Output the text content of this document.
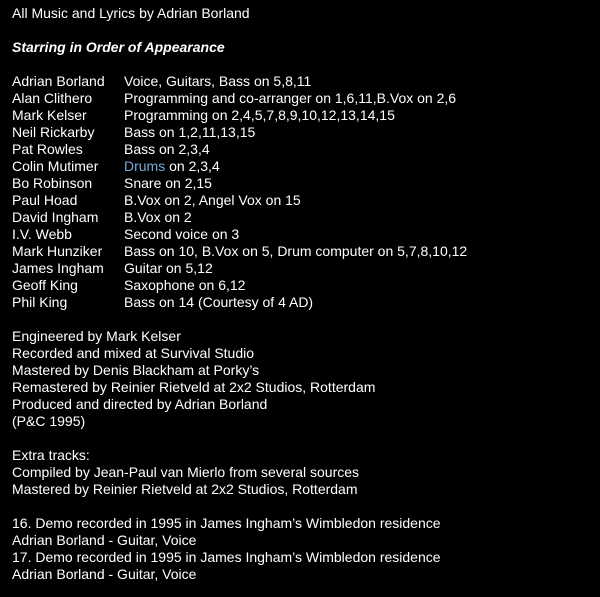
All Music and Lyrics by Adrian Borland
Starring in Order of Appearance
Adrian Borland	Voice, Guitars, Bass on 5,8,11
Alan Clithero	Programming and co-arranger on 1,6,11,B.Vox on 2,6
Mark Kelser	Programming on 2,4,5,7,8,9,10,12,13,14,15
Neil Rickarby	Bass on 1,2,11,13,15
Pat Rowles	Bass on 2,3,4
Colin Mutimer	Drums on 2,3,4
Bo Robinson	Snare on 2,15
Paul Hoad	B.Vox on 2, Angel Vox on 15
David Ingham	B.Vox on 2
I.V. Webb	Second voice on 3
Mark Hunziker	Bass on 10, B.Vox on 5, Drum computer on 5,7,8,10,12
James Ingham	Guitar on 5,12
Geoff King	Saxophone on 6,12
Phil King	Bass on 14 (Courtesy of 4 AD)
Engineered by Mark Kelser
Recorded and mixed at Survival Studio
Mastered by Denis Blackham at Porky’s
Remastered by Reinier Rietveld at 2x2 Studios, Rotterdam
Produced and directed by Adrian Borland
(P&C 1995)
Extra tracks:
Compiled by Jean-Paul van Mierlo from several sources
Mastered by Reinier Rietveld at 2x2 Studios, Rotterdam
16. Demo recorded in 1995 in James Ingham’s Wimbledon residence
Adrian Borland - Guitar, Voice
17. Demo recorded in 1995 in James Ingham’s Wimbledon residence
Adrian Borland - Guitar, Voice
